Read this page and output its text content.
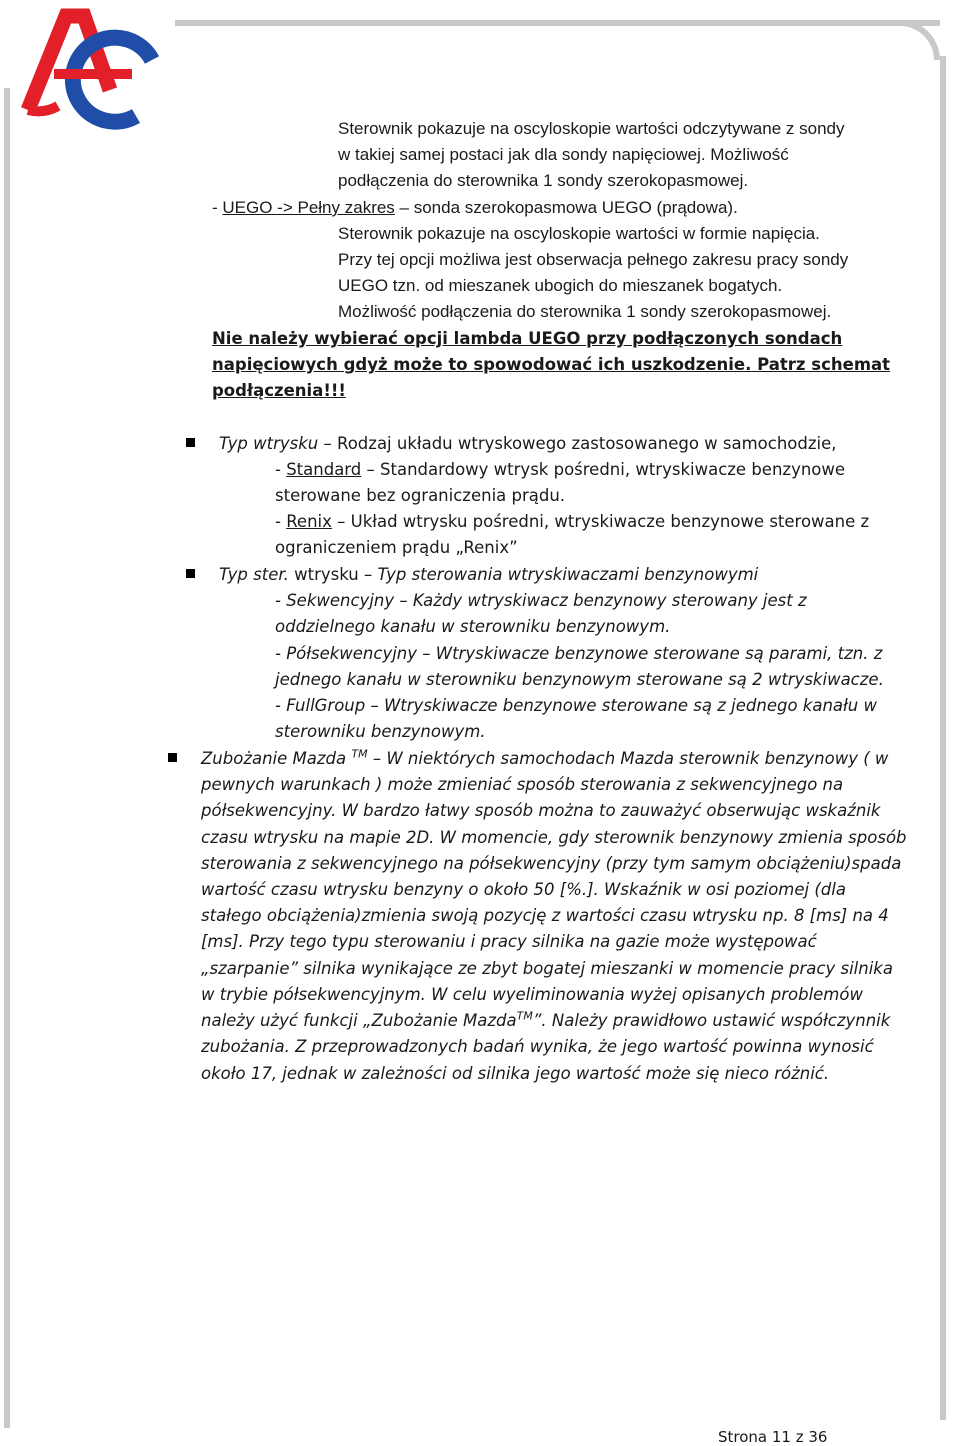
Sterownik pokazuje na oscyloskopie wartości odczytywane z sondy
w takiej samej postaci jak dla sondy napięciowej. Możliwość
podłączenia do sterownika 1 sondy szerokopasmowej.
- UEGO -> Pełny zakres – sonda szerokopasmowa UEGO (prądowa).
Sterownik pokazuje na oscyloskopie wartości w formie napięcia.
Przy tej opcji możliwa jest obserwacja pełnego zakresu pracy sondy
UEGO tzn. od mieszanek ubogich do mieszanek bogatych.
Możliwość podłączenia do sterownika 1 sondy szerokopasmowej.
Nie należy wybierać opcji lambda UEGO przy podłączonych sondach
napięciowych gdyż może to spowodować ich uszkodzenie. Patrz schemat
podłączenia!!!
Typ wtrysku – Rodzaj układu wtryskowego zastosowanego w samochodzie,
- Standard – Standardowy wtrysk pośredni, wtryskiwacze benzynowe
sterowane bez ograniczenia prądu.
- Renix – Układ wtrysku pośredni, wtryskiwacze benzynowe sterowane z
ograniczeniem prądu „Renix”
Typ ster. wtrysku – Typ sterowania wtryskiwaczami benzynowymi
- Sekwencyjny – Każdy wtryskiwacz benzynowy sterowany jest z
oddzielnego kanału w sterowniku benzynowym.
- Półsekwencyjny – Wtryskiwacze benzynowe sterowane są parami, tzn. z
jednego kanału w sterowniku benzynowym sterowane są 2 wtryskiwacze.
- FullGroup – Wtryskiwacze benzynowe sterowane są z jednego kanału w
sterowniku benzynowym.
Zubożanie Mazda ™ – W niektórych samochodach Mazda sterownik benzynowy ( w
pewnych warunkach ) może zmieniać sposób sterowania z sekwencyjnego na
półsekwencyjny. W bardzo łatwy sposób można to zauważyć obserwując wskaźnik
czasu wtrysku na mapie 2D. W momencie, gdy sterownik benzynowy zmienia sposób
sterowania z sekwencyjnego na półsekwencyjny (przy tym samym obciążeniu)spada
wartość czasu wtrysku benzyny o około 50 [%.]. Wskaźnik w osi poziomej (dla
stałego obciążenia)zmienia swoją pozycję z wartości czasu wtrysku np. 8 [ms] na 4
[ms]. Przy tego typu sterowaniu i pracy silnika na gazie może występować
„szarpanie” silnika wynikające ze zbyt bogatej mieszanki w momencie pracy silnika
w trybie półsekwencyjnym. W celu wyeliminowania wyżej opisanych problemów
należy użyć funkcji „Zubożanie Mazda™”. Należy prawidłowo ustawić współczynnik
zubożania. Z przeprowadzonych badań wynika, że jego wartość powinna wynosić
około 17, jednak w zależności od silnika jego wartość może się nieco różnić.
Strona 11 z 36
